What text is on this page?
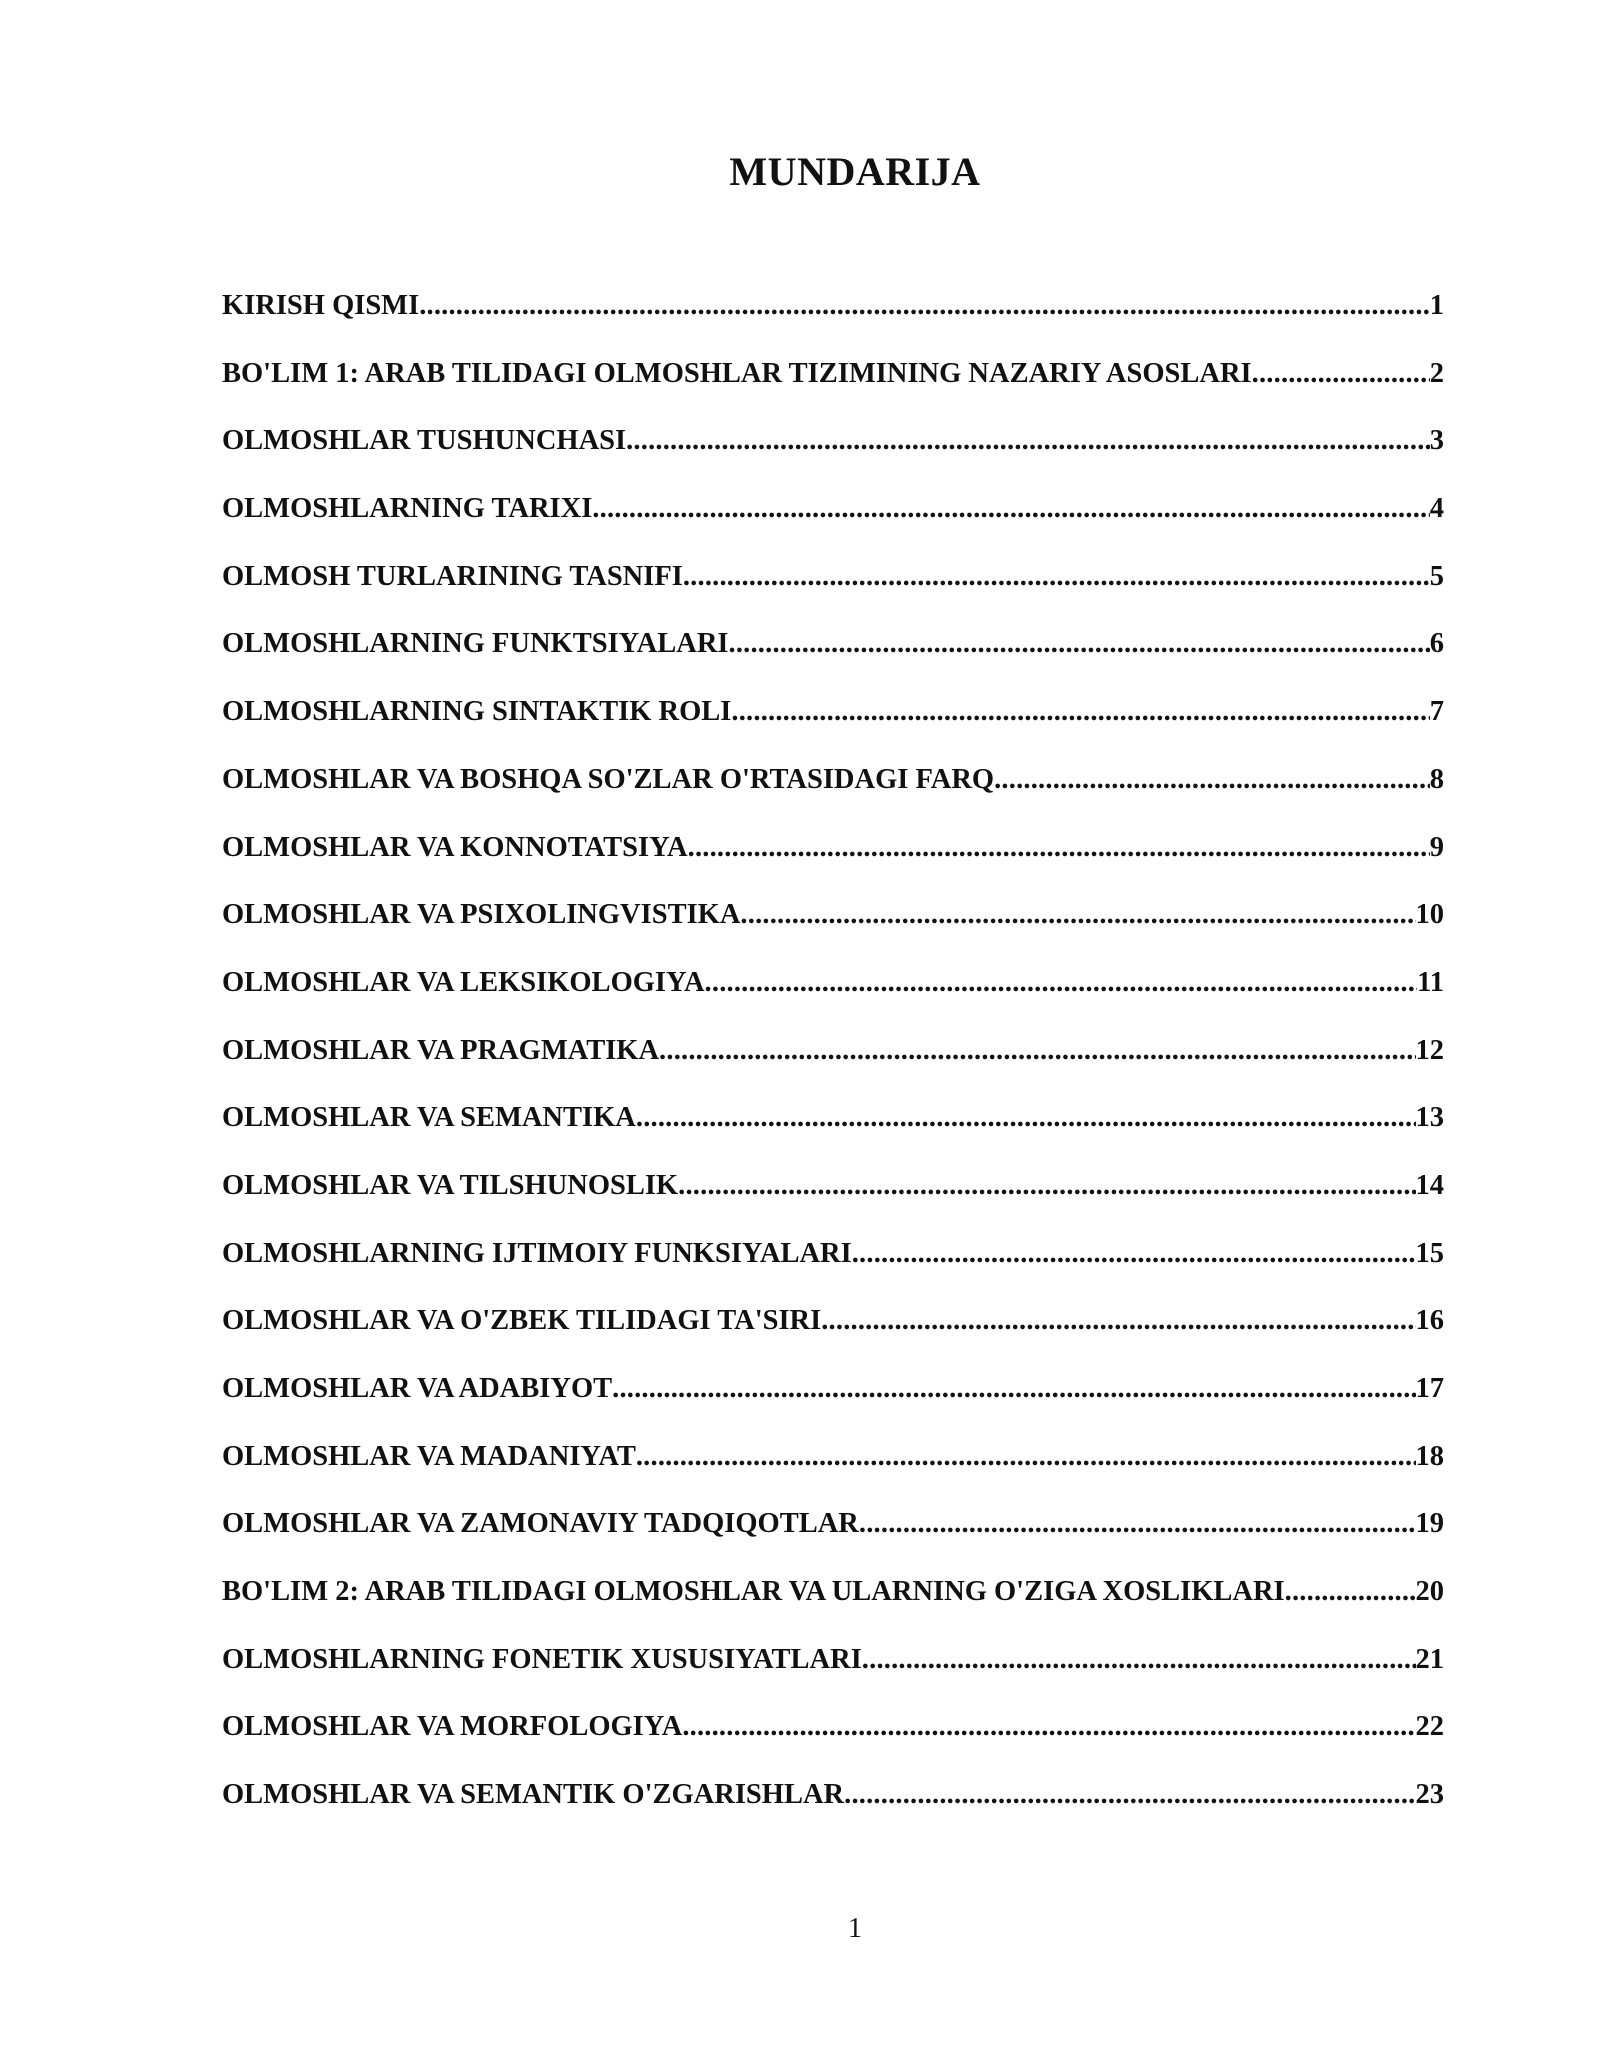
MUNDARIJA
KIRISH QISMI .....	1
BO'LIM 1: ARAB TILIDAGI OLMOSHLAR TIZIMINING NAZARIY ASOSLARI .....	2
OLMOSHLAR TUSHUNCHASI .....	3
OLMOSHLARNING TARIXI .....	4
OLMOSH TURLARINING TASNIFI .....	5
OLMOSHLARNING FUNKTSIYALARI .....	6
OLMOSHLARNING SINTAKTIK ROLI .....	7
OLMOSHLAR VA BOSHQA SO'ZLAR O'RTASIDAGI FARQ .....	8
OLMOSHLAR VA KONNOTATSIYA .....	9
OLMOSHLAR VA PSIXOLINGVISTIKA .....	10
OLMOSHLAR VA LEKSIKOLOGIYA .....	11
OLMOSHLAR VA PRAGMATIKA .....	12
OLMOSHLAR VA SEMANTIKA .....	13
OLMOSHLAR VA TILSHUNOSLIK .....	14
OLMOSHLARNING IJTIMOIY FUNKSIYALARI .....	15
OLMOSHLAR VA O'ZBEK TILIDAGI TA'SIRI .....	16
OLMOSHLAR VA ADABIYOT .....	17
OLMOSHLAR VA MADANIYAT .....	18
OLMOSHLAR VA ZAMONAVIY TADQIQOTLAR .....	19
BO'LIM 2: ARAB TILIDAGI OLMOSHLAR VA ULARNING O'ZIGA XOSLIKLARI .....	20
OLMOSHLARNING FONETIK XUSUSIYATLARI .....	21
OLMOSHLAR VA MORFOLOGIYA .....	22
OLMOSHLAR VA SEMANTIK O'ZGARISHLAR .....	23
1
